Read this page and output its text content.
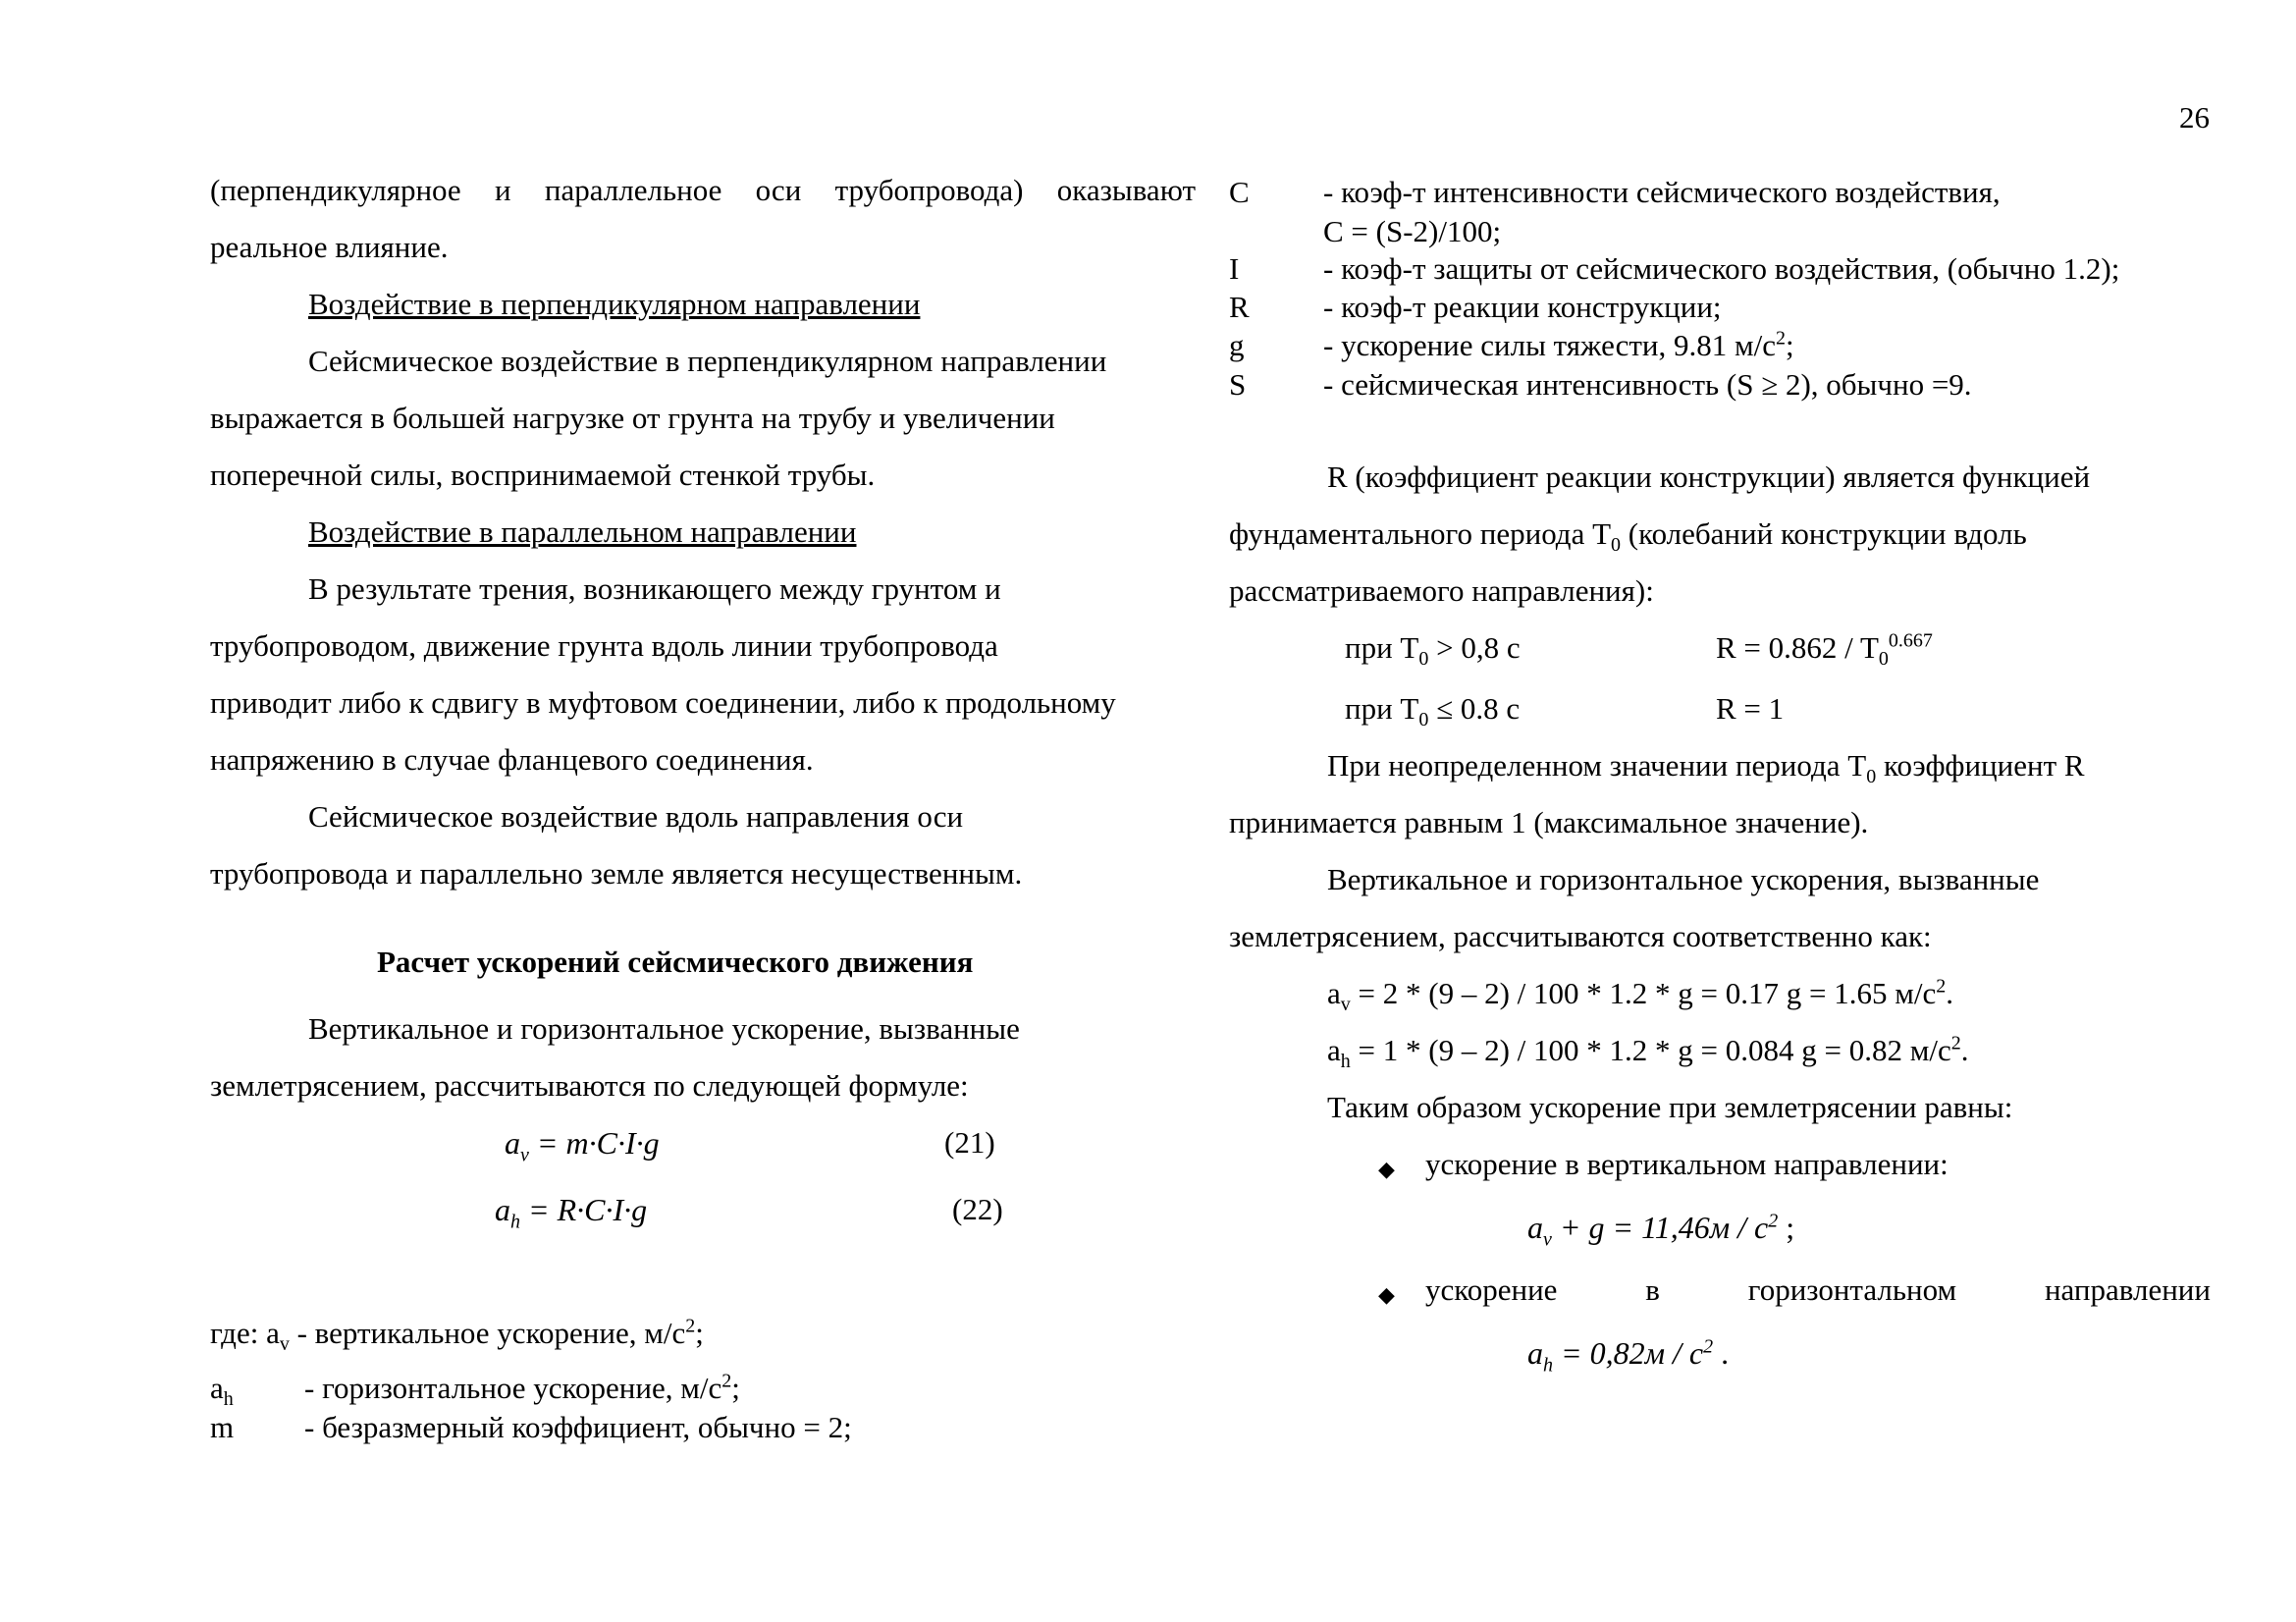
26
(перпендикулярное и параллельное оси трубопровода) оказывают
реальное влияние.
Воздействие в перпендикулярном направлении
Сейсмическое воздействие в перпендикулярном направлении
выражается в большей нагрузке от грунта на трубу и увеличении
поперечной силы, воспринимаемой стенкой трубы.
Воздействие в параллельном направлении
В результате трения, возникающего между грунтом и
трубопроводом, движение грунта вдоль линии трубопровода
приводит либо к сдвигу в муфтовом соединении, либо к продольному
напряжению в случае фланцевого соединения.
Сейсмическое воздействие вдоль направления оси
трубопровода и параллельно земле является несущественным.
Расчет ускорений сейсмического движения
Вертикальное и горизонтальное ускорение, вызванные
землетрясением, рассчитываются по следующей формуле:
$a_v = m\cdot C\cdot I\cdot g$	(21)
$a_h = R\cdot C\cdot I\cdot g$	(22)
где: $a_v$ - вертикальное ускорение, $м/с^2$;
$a_h$ - горизонтальное ускорение, $м/с^2$;
m - безразмерный коэффициент, обычно = 2;
C - коэф-т интенсивности сейсмического воздействия,
C = (S-2)/100;
I	- коэф-т защиты от сейсмического воздействия, (обычно 1.2);
R - коэф-т реакции конструкции;
g	- ускорение силы тяжести, 9.81 $м/с^2$;
S	- сейсмическая интенсивность (S ≥ 2), обычно =9.
R (коэффициент реакции конструкции) является функцией
фундаментального периода $T_0$ (колебаний конструкции вдоль
рассматриваемого направления):
при $T_0 > 0,8$ с	$R = 0.862 / T_0^{0.667}$
при $T_0 \le 0.8$ с	R = 1
При неопределенном значении периода $T_0$ коэффициент R
принимается равным 1 (максимальное значение).
Вертикальное и горизонтальное ускорения, вызванные
землетрясением, рассчитываются соответственно как:
$a_v = 2 * (9 - 2) / 100 * 1.2 * g = 0.17$ g = 1.65 $м/с^2$.
$a_h = 1 * (9 - 2) / 100 * 1.2 * g = 0.084$ g = 0.82 $м/с^2$.
Таким образом ускорение при землетрясении равны:
◆ ускорение в вертикальном направлении:
$a_v + g = 11,46м / с^2$ ;
◆ ускорение	в	горизонтальном	направлении
$a_h = 0,82м / с^2$ .
